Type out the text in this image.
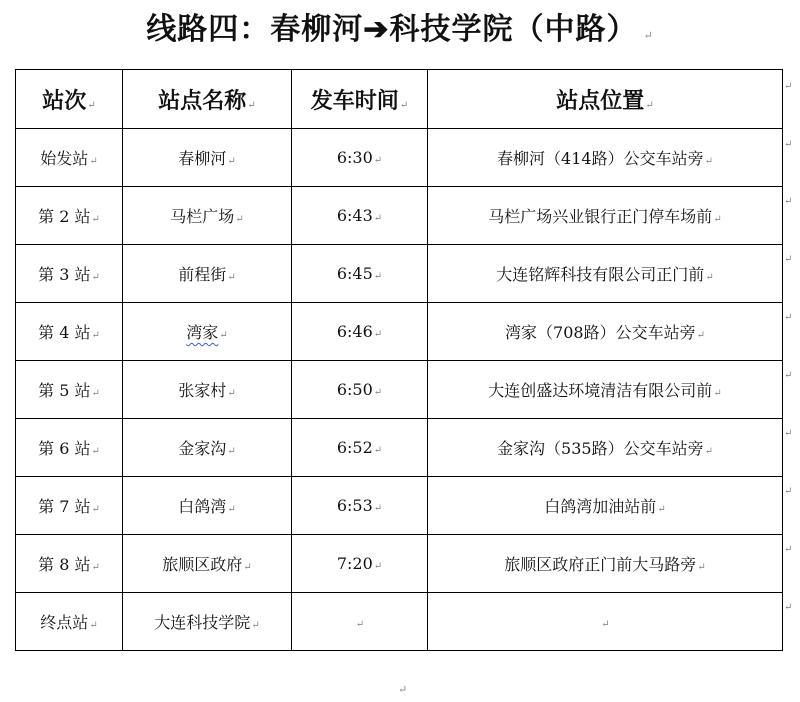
线路四：春柳河➔科技学院（中路） ↵
站次↵	站点名称↵	发车时间↵	站点位置↵
始发站↵	春柳河↵	6:30↵	春柳河（414路）公交车站旁↵
第 2 站↵	马栏广场↵	6:43↵	马栏广场兴业银行正门停车场前↵
第 3 站↵	前程街↵	6:45↵	大连铭辉科技有限公司正门前↵
第 4 站↵	湾家↵	6:46↵	湾家（708路）公交车站旁↵
第 5 站↵	张家村↵	6:50↵	大连创盛达环境清洁有限公司前↵
第 6 站↵	金家沟↵	6:52↵	金家沟（535路）公交车站旁↵
第 7 站↵	白鸽湾↵	6:53↵	白鸽湾加油站前↵
第 8 站↵	旅顺区政府↵	7:20↵	旅顺区政府正门前大马路旁↵
终点站↵	大连科技学院↵	↵	↵
↵
↵
↵
↵
↵
↵
↵
↵
↵
↵
↵
